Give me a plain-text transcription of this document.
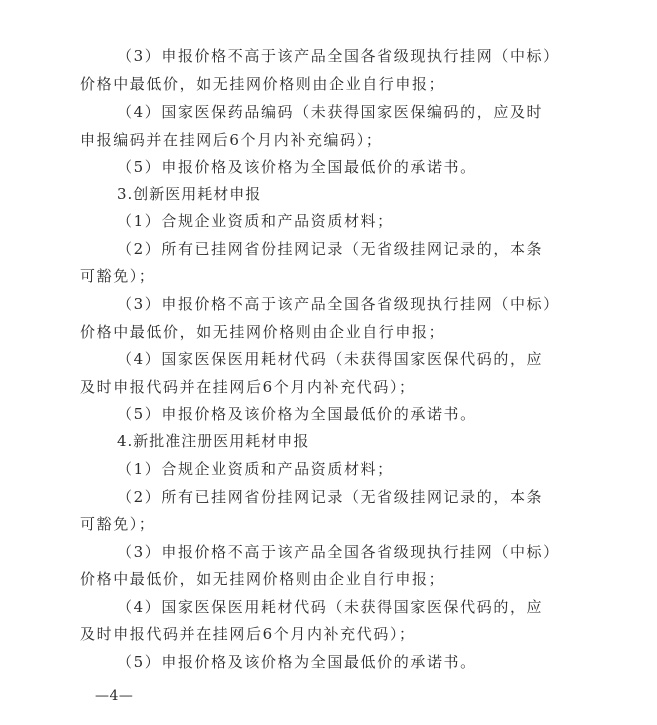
（3）申报价格不高于该产品全国各省级现执行挂网（中标）
价格中最低价，如无挂网价格则由企业自行申报；
（4）国家医保药品编码（未获得国家医保编码的，应及时
申报编码并在挂网后6个月内补充编码）；
（5）申报价格及该价格为全国最低价的承诺书。
3.创新医用耗材申报
（1）合规企业资质和产品资质材料；
（2）所有已挂网省份挂网记录（无省级挂网记录的，本条
可豁免）；
（3）申报价格不高于该产品全国各省级现执行挂网（中标）
价格中最低价，如无挂网价格则由企业自行申报；
（4）国家医保医用耗材代码（未获得国家医保代码的，应
及时申报代码并在挂网后6个月内补充代码）；
（5）申报价格及该价格为全国最低价的承诺书。
4.新批准注册医用耗材申报
（1）合规企业资质和产品资质材料；
（2）所有已挂网省份挂网记录（无省级挂网记录的，本条
可豁免）；
（3）申报价格不高于该产品全国各省级现执行挂网（中标）
价格中最低价，如无挂网价格则由企业自行申报；
（4）国家医保医用耗材代码（未获得国家医保代码的，应
及时申报代码并在挂网后6个月内补充代码）；
（5）申报价格及该价格为全国最低价的承诺书。
—4—
